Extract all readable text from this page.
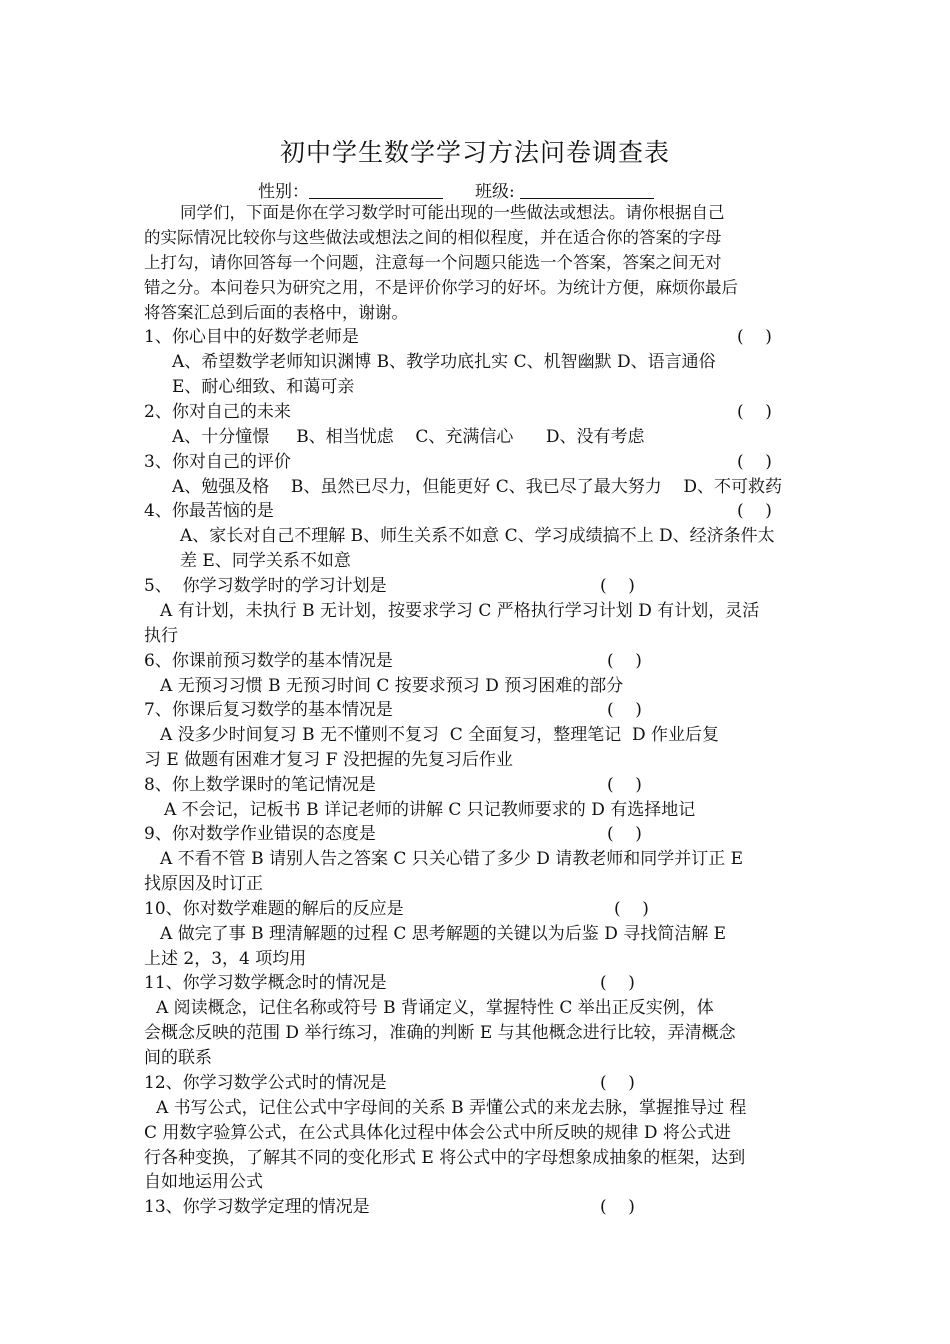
初中学生数学学习方法问卷调查表
性别：	班级:
同学们，下面是你在学习数学时可能出现的一些做法或想法。请你根据自己
的实际情况比较你与这些做法或想法之间的相似程度，并在适合你的答案的字母
上打勾，请你回答每一个问题，注意每一个问题只能选一个答案，答案之间无对
错之分。本问卷只为研究之用，不是评价你学习的好坏。为统计方便，麻烦你最后
将答案汇总到后面的表格中，谢谢。
1、你心目中的好数学老师是	(    )
A、希望数学老师知识渊博 B、教学功底扎实 C、机智幽默 D、语言通俗
E、耐心细致、和蔼可亲
2、你对自己的未来	(    )
A、十分憧憬     B、相当忧虑    C、充满信心      D、没有考虑
3、你对自己的评价	(    )
A、勉强及格    B、虽然已尽力，但能更好 C、我已尽了最大努力    D、不可救药
4、你最苦恼的是	(    )
A、家长对自己不理解 B、师生关系不如意 C、学习成绩搞不上 D、经济条件太
差 E、同学关系不如意
5、  你学习数学时的学习计划是	(    )
A 有计划，未执行 B 无计划，按要求学习 C 严格执行学习计划 D 有计划，灵活
执行
6、你课前预习数学的基本情况是	(    )
A 无预习习惯 B 无预习时间 C 按要求预习 D 预习困难的部分
7、你课后复习数学的基本情况是	(    )
A 没多少时间复习 B 无不懂则不复习  C 全面复习，整理笔记  D 作业后复
习 E 做题有困难才复习 F 没把握的先复习后作业
8、你上数学课时的笔记情况是	(    )
A 不会记，记板书 B 详记老师的讲解 C 只记教师要求的 D 有选择地记
9、你对数学作业错误的态度是	(    )
A 不看不管 B 请别人告之答案 C 只关心错了多少 D 请教老师和同学并订正 E
找原因及时订正
10、你对数学难题的解后的反应是	(    )
A 做完了事 B 理清解题的过程 C 思考解题的关键以为后鉴 D 寻找简洁解 E
上述 2，3，4 项均用
11、你学习数学概念时的情况是	(    )
A 阅读概念，记住名称或符号 B 背诵定义，掌握特性 C 举出正反实例，体
会概念反映的范围 D 举行练习，准确的判断 E 与其他概念进行比较，弄清概念
间的联系
12、你学习数学公式时的情况是	(    )
A 书写公式，记住公式中字母间的关系 B 弄懂公式的来龙去脉，掌握推导过 程
C 用数字验算公式，在公式具体化过程中体会公式中所反映的规律 D 将公式进
行各种变换，了解其不同的变化形式 E 将公式中的字母想象成抽象的框架，达到
自如地运用公式
13、你学习数学定理的情况是	(    )
